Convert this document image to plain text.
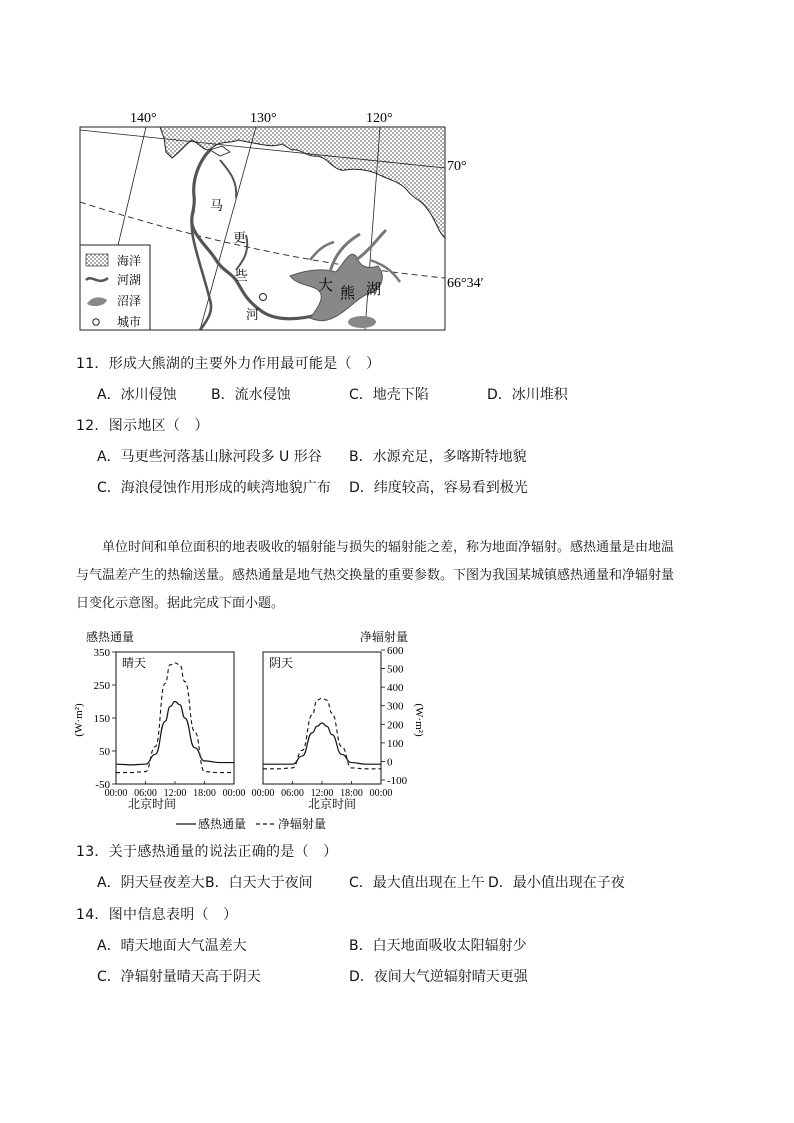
海洋
河湖
沼泽
城市
140°	130°	120°
70°
66°34′
马
更
些
河
大 熊 湖
11．形成大熊湖的主要外力作用最可能是（　）
A．冰川侵蚀 B．流水侵蚀	C．地壳下陷	D．冰川堆积
12．图示地区（　）
A．马更些河落基山脉河段多 U 形谷 B．水源充足，多喀斯特地貌
C．海浪侵蚀作用形成的峡湾地貌广布 D．纬度较高，容易看到极光
单位时间和单位面积的地表吸收的辐射能与损失的辐射能之差，称为地面净辐射。感热通量是由地温
与气温差产生的热输送量。感热通量是地气热交换量的重要参数。下图为我国某城镇感热通量和净辐射量
日变化示意图。据此完成下面小题。
感热通量	净辐射量
(W·m²)	(W·m²)
350
250
150
50
-50
600
500
400
300
200
100
0
-100
晴天
00:00 06:00 12:00 18:00 00:00
阴天
00:00 06:00 12:00 18:00 00:00
北京时间	北京时间
感热通量	净辐射量
13．关于感热通量的说法正确的是（　）
A．阴天昼夜差大 B．白天大于夜间	C．最大值出现在上午 D．最小值出现在子夜
14．图中信息表明（　）
A．晴天地面大气温差大	B．白天地面吸收太阳辐射少
C．净辐射量晴天高于阴天	D．夜间大气逆辐射晴天更强
